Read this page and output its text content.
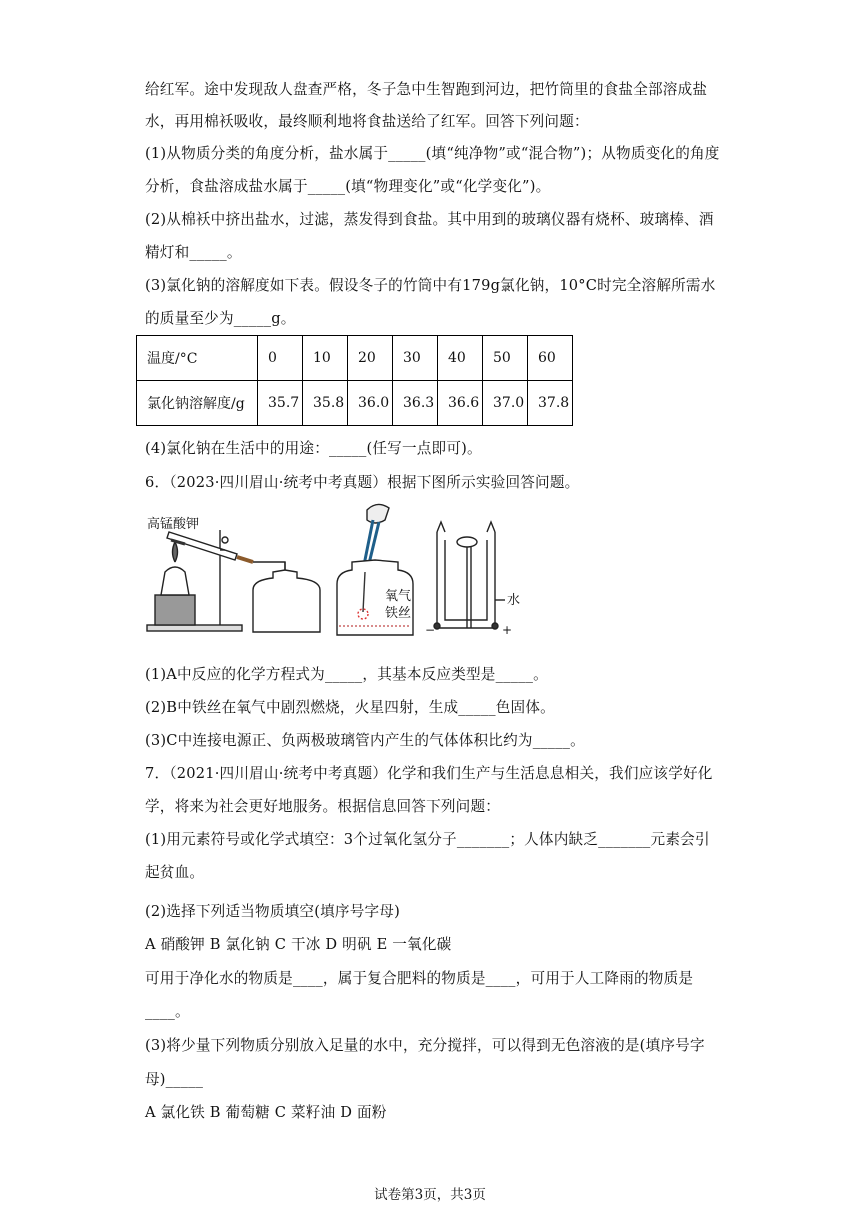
给红军。途中发现敌人盘查严格，冬子急中生智跑到河边，把竹筒里的食盐全部溶成盐
水，再用棉袄吸收，最终顺利地将食盐送给了红军。回答下列问题：
(1)从物质分类的角度分析，盐水属于_____(填“纯净物”或“混合物”)；从物质变化的角度
分析，食盐溶成盐水属于_____(填“物理变化”或“化学变化”)。
(2)从棉袄中挤出盐水，过滤，蒸发得到食盐。其中用到的玻璃仪器有烧杯、玻璃棒、酒
精灯和_____。
(3)氯化钠的溶解度如下表。假设冬子的竹筒中有179g氯化钠，10°C时完全溶解所需水
的质量至少为_____g。
温度/°C	0	10	20	30	40	50	60
氯化钠溶解度/g	35.7	35.8	36.0	36.3	36.6	37.0	37.8
(4)氯化钠在生活中的用途：_____(任写一点即可)。
6．（2023·四川眉山·统考中考真题）根据下图所示实验回答问题。
高锰酸钾
氧气
铁丝
水
−	+
(1)A中反应的化学方程式为_____，其基本反应类型是_____。
(2)B中铁丝在氧气中剧烈燃烧，火星四射，生成_____色固体。
(3)C中连接电源正、负两极玻璃管内产生的气体体积比约为_____。
7．（2021·四川眉山·统考中考真题）化学和我们生产与生活息息相关，我们应该学好化
学，将来为社会更好地服务。根据信息回答下列问题：
(1)用元素符号或化学式填空：3个过氧化氢分子_______；人体内缺乏_______元素会引
起贫血。
(2)选择下列适当物质填空(填序号字母)
A 硝酸钾 B 氯化钠 C 干冰 D 明矾 E 一氧化碳
可用于净化水的物质是____，属于复合肥料的物质是____，可用于人工降雨的物质是
____。
(3)将少量下列物质分别放入足量的水中，充分搅拌，可以得到无色溶液的是(填序号字
母)_____
A 氯化铁 B 葡萄糖 C 菜籽油 D 面粉
试卷第3页，共3页
